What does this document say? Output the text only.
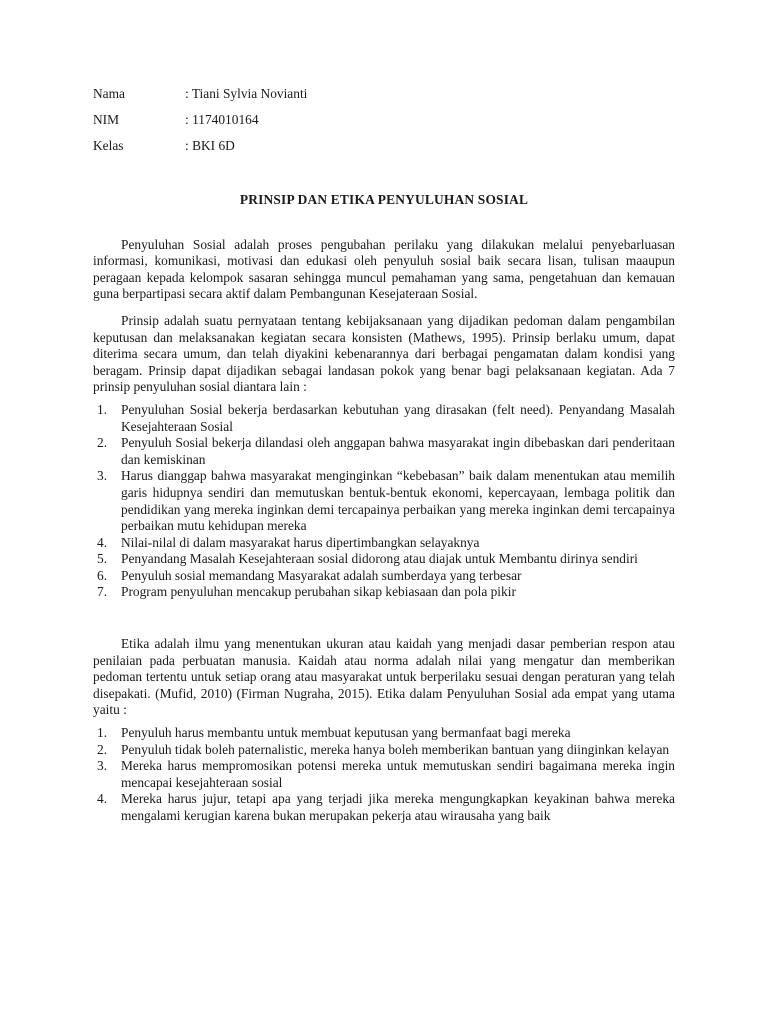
Nama	: Tiani Sylvia Novianti
NIM	: 1174010164
Kelas	: BKI 6D
PRINSIP DAN ETIKA PENYULUHAN SOSIAL

Penyuluhan Sosial adalah proses pengubahan perilaku yang dilakukan melalui penyebarluasan informasi, komunikasi, motivasi dan edukasi oleh penyuluh sosial baik secara lisan, tulisan maaupun peragaan kepada kelompok sasaran sehingga muncul pemahaman yang sama, pengetahuan dan kemauan guna berpartipasi secara aktif dalam Pembangunan Kesejateraan Sosial.

Prinsip adalah suatu pernyataan tentang kebijaksanaan yang dijadikan pedoman dalam pengambilan keputusan dan melaksanakan kegiatan secara konsisten (Mathews, 1995). Prinsip berlaku umum, dapat diterima secara umum, dan telah diyakini kebenarannya dari berbagai pengamatan dalam kondisi yang beragam. Prinsip dapat dijadikan sebagai landasan pokok yang benar bagi pelaksanaan kegiatan. Ada 7 prinsip penyuluhan sosial diantara lain :

1. Penyuluhan Sosial bekerja berdasarkan kebutuhan yang dirasakan (felt need). Penyandang Masalah Kesejahteraan Sosial
2. Penyuluh Sosial bekerja dilandasi oleh anggapan bahwa masyarakat ingin dibebaskan dari penderitaan dan kemiskinan
3. Harus dianggap bahwa masyarakat menginginkan “kebebasan” baik dalam menentukan atau memilih garis hidupnya sendiri dan memutuskan bentuk-bentuk ekonomi, kepercayaan, lembaga politik dan pendidikan yang mereka inginkan demi tercapainya perbaikan yang mereka inginkan demi tercapainya perbaikan mutu kehidupan mereka
4. Nilai-nilal di dalam masyarakat harus dipertimbangkan selayaknya
5. Penyandang Masalah Kesejahteraan sosial didorong atau diajak untuk Membantu dirinya sendiri
6. Penyuluh sosial memandang Masyarakat adalah sumberdaya yang terbesar
7. Program penyuluhan mencakup perubahan sikap kebiasaan dan pola pikir

Etika adalah ilmu yang menentukan ukuran atau kaidah yang menjadi dasar pemberian respon atau penilaian pada perbuatan manusia. Kaidah atau norma adalah nilai yang mengatur dan memberikan pedoman tertentu untuk setiap orang atau masyarakat untuk berperilaku sesuai dengan peraturan yang telah disepakati. (Mufid, 2010) (Firman Nugraha, 2015). Etika dalam Penyuluhan Sosial ada empat yang utama yaitu :

1. Penyuluh harus membantu untuk membuat keputusan yang bermanfaat bagi mereka
2. Penyuluh tidak boleh paternalistic, mereka hanya boleh memberikan bantuan yang diinginkan kelayan
3. Mereka harus mempromosikan potensi mereka untuk memutuskan sendiri bagaimana mereka ingin mencapai kesejahteraan sosial
4. Mereka harus jujur, tetapi apa yang terjadi jika mereka mengungkapkan keyakinan bahwa mereka mengalami kerugian karena bukan merupakan pekerja atau wirausaha yang baik
